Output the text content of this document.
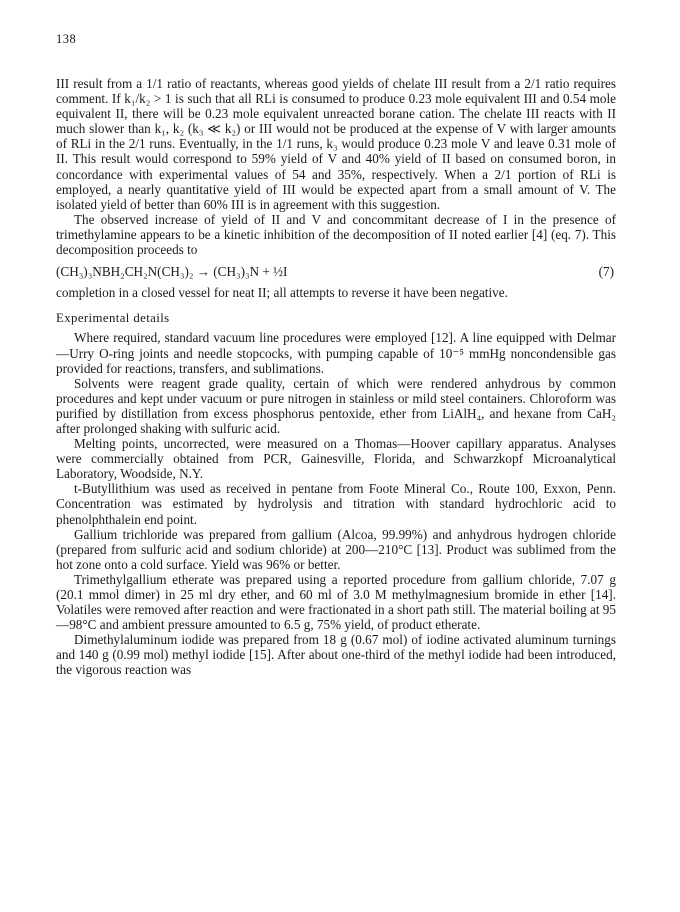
138

III result from a 1/1 ratio of reactants, whereas good yields of chelate III result from a 2/1 ratio requires comment. If k₁/k₂ > 1 is such that all RLi is consumed to produce 0.23 mole equivalent III and 0.54 mole equivalent II, there will be 0.23 mole equivalent unreacted borane cation. The chelate III reacts with II much slower than k₁, k₂ (k₃ ≪ k₂) or III would not be produced at the expense of V with larger amounts of RLi in the 2/1 runs. Eventually, in the 1/1 runs, k₃ would produce 0.23 mole V and leave 0.31 mole of II. This result would correspond to 59% yield of V and 40% yield of II based on consumed boron, in concordance with experimental values of 54 and 35%, respectively. When a 2/1 portion of RLi is employed, a nearly quantitative yield of III would be expected apart from a small amount of V. The isolated yield of better than 60% III is in agreement with this suggestion.

The observed increase of yield of II and V and concommitant decrease of I in the presence of trimethylamine appears to be a kinetic inhibition of the decomposition of II noted earlier [4] (eq. 7). This decomposition proceeds to

(CH₃)₃NBH₂CH₂N(CH₃)₂ → (CH₃)₃N + ½I	(7)

completion in a closed vessel for neat II; all attempts to reverse it have been negative.

Experimental details

Where required, standard vacuum line procedures were employed [12]. A line equipped with Delmar—Urry O-ring joints and needle stopcocks, with pumping capable of 10⁻⁵ mmHg noncondensible gas provided for reactions, transfers, and sublimations.

Solvents were reagent grade quality, certain of which were rendered anhydrous by common procedures and kept under vacuum or pure nitrogen in stainless or mild steel containers. Chloroform was purified by distillation from excess phosphorus pentoxide, ether from LiAlH₄, and hexane from CaH₂ after prolonged shaking with sulfuric acid.

Melting points, uncorrected, were measured on a Thomas—Hoover capillary apparatus. Analyses were commercially obtained from PCR, Gainesville, Florida, and Schwarzkopf Microanalytical Laboratory, Woodside, N.Y.

t-Butyllithium was used as received in pentane from Foote Mineral Co., Route 100, Exxon, Penn. Concentration was estimated by hydrolysis and titration with standard hydrochloric acid to phenolphthalein end point.

Gallium trichloride was prepared from gallium (Alcoa, 99.99%) and anhydrous hydrogen chloride (prepared from sulfuric acid and sodium chloride) at 200—210°C [13]. Product was sublimed from the hot zone onto a cold surface. Yield was 96% or better.

Trimethylgallium etherate was prepared using a reported procedure from gallium chloride, 7.07 g (20.1 mmol dimer) in 25 ml dry ether, and 60 ml of 3.0 M methylmagnesium bromide in ether [14]. Volatiles were removed after reaction and were fractionated in a short path still. The material boiling at 95—98°C and ambient pressure amounted to 6.5 g, 75% yield, of product etherate.

Dimethylaluminum iodide was prepared from 18 g (0.67 mol) of iodine activated aluminum turnings and 140 g (0.99 mol) methyl iodide [15]. After about one-third of the methyl iodide had been introduced, the vigorous reaction was
